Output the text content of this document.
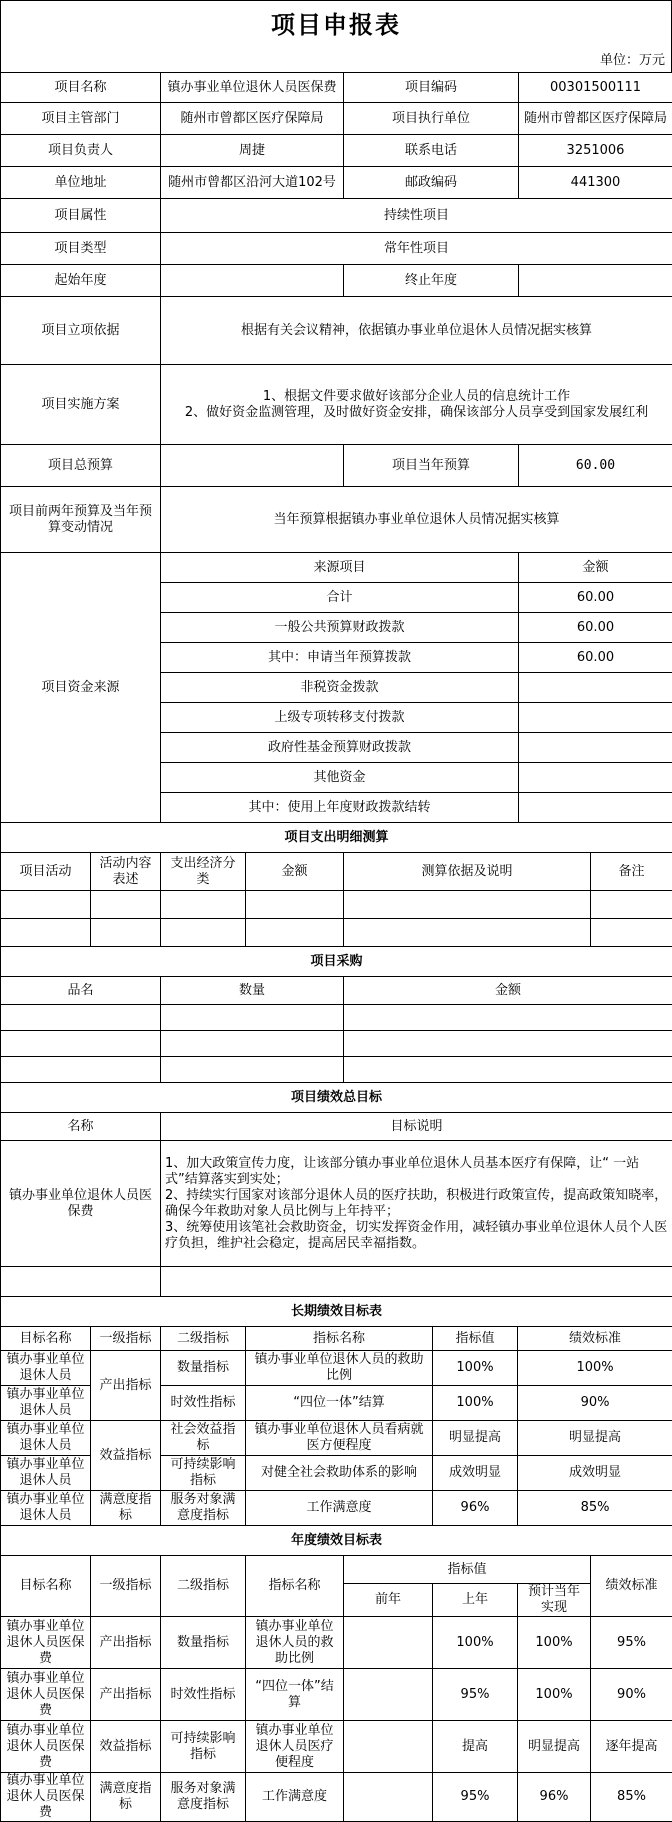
项目申报表
单位：万元
项目名称	镇办事业单位退休人员医保费	项目编码	00301500111
项目主管部门	随州市曾都区医疗保障局	项目执行单位	随州市曾都区医疗保障局
项目负责人	周捷	联系电话	3251006
单位地址	随州市曾都区沿河大道102号	邮政编码	441300
项目属性	持续性项目		
项目类型	常年性项目		
起始年度		终止年度	
项目立项依据	根据有关会议精神，依据镇办事业单位退休人员情况据实核算		
项目实施方案	1、根据文件要求做好该部分企业人员的信息统计工作
2、做好资金监测管理，及时做好资金安排，确保该部分人员享受到国家发展红利		

项目总预算		项目当年预算	60.00
项目前两年预算及当年预算变动情况	当年预算根据镇办事业单位退休人员情况据实核算		
项目资金来源	来源项目	金额
	合计	60.00
	一般公共预算财政拨款	60.00
	其中：申请当年预算拨款	60.00
	非税资金拨款	
	上级专项转移支付拨款	
	政府性基金预算财政拨款	
	其他资金	
	其中：使用上年度财政拨款结转	
项目支出明细测算					
项目活动	活动内容表述	支出经济分类	金额	测算依据及说明	备注

项目采购		
品名	数量	金额

项目绩效总目标	
名称	目标说明
镇办事业单位退休人员医保费	1、加大政策宣传力度，让该部分镇办事业单位退休人员基本医疗有保障，让“ 一站式”结算落实到实处；
2、持续实行国家对该部分退休人员的医疗扶助，积极进行政策宣传，提高政策知晓率，确保今年救助对象人员比例与上年持平；
3、统筹使用该笔社会救助资金，切实发挥资金作用，减轻镇办事业单位退休人员个人医疗负担，维护社会稳定，提高居民幸福指数。

长期绩效目标表					
目标名称	一级指标	二级指标	指标名称	指标值	绩效标准
镇办事业单位退休人员	产出指标	数量指标	镇办事业单位退休人员的救助比例	100%	100%
镇办事业单位退休人员		时效性指标	“四位一体”结算	100%	90%
镇办事业单位退休人员	效益指标	社会效益指标	镇办事业单位退休人员看病就医方便程度	明显提高	明显提高
镇办事业单位退休人员		可持续影响指标	对健全社会救助体系的影响	成效明显	成效明显
镇办事业单位退休人员	满意度指标	服务对象满意度指标	工作满意度	96%	85%
年度绩效目标表							
目标名称	一级指标	二级指标	指标名称	指标值			绩效标准
				前年	上年	预计当年实现	
镇办事业单位退休人员医保费	产出指标	数量指标	镇办事业单位退休人员的救助比例		100%	100%	95%
镇办事业单位退休人员医保费	产出指标	时效性指标	“四位一体”结算		95%	100%	90%
镇办事业单位退休人员医保费	效益指标	可持续影响指标	镇办事业单位退休人员医疗便程度		提高	明显提高	逐年提高
镇办事业单位退休人员医保费	满意度指标	服务对象满意度指标	工作满意度		95%	96%	85%
